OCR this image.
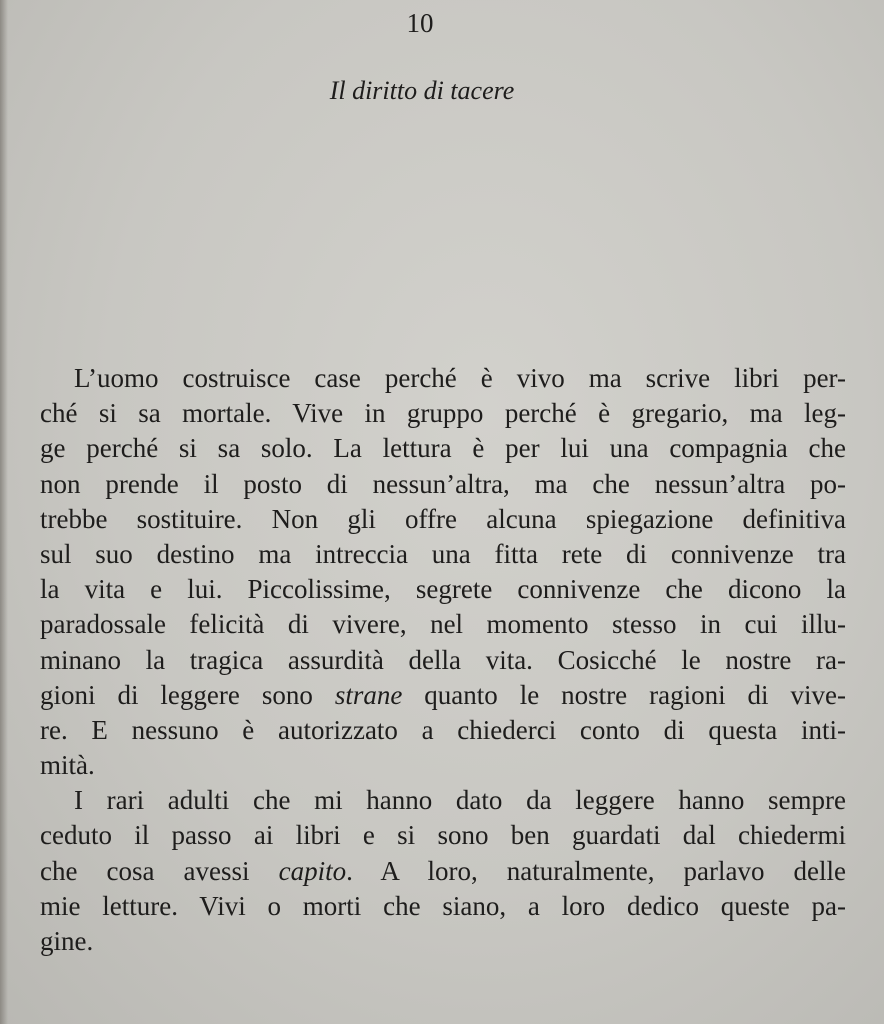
10
Il diritto di tacere
L’uomo costruisce case perché è vivo ma scrive libri per-
ché si sa mortale. Vive in gruppo perché è gregario, ma leg-
ge perché si sa solo. La lettura è per lui una compagnia che
non prende il posto di nessun’altra, ma che nessun’altra po-
trebbe sostituire. Non gli offre alcuna spiegazione definitiva
sul suo destino ma intreccia una fitta rete di connivenze tra
la vita e lui. Piccolissime, segrete connivenze che dicono la
paradossale felicità di vivere, nel momento stesso in cui illu-
minano la tragica assurdità della vita. Cosicché le nostre ra-
gioni di leggere sono strane quanto le nostre ragioni di vive-
re. E nessuno è autorizzato a chiederci conto di questa inti-
mità.
I rari adulti che mi hanno dato da leggere hanno sempre
ceduto il passo ai libri e si sono ben guardati dal chiedermi
che cosa avessi capito. A loro, naturalmente, parlavo delle
mie letture. Vivi o morti che siano, a loro dedico queste pa-
gine.
